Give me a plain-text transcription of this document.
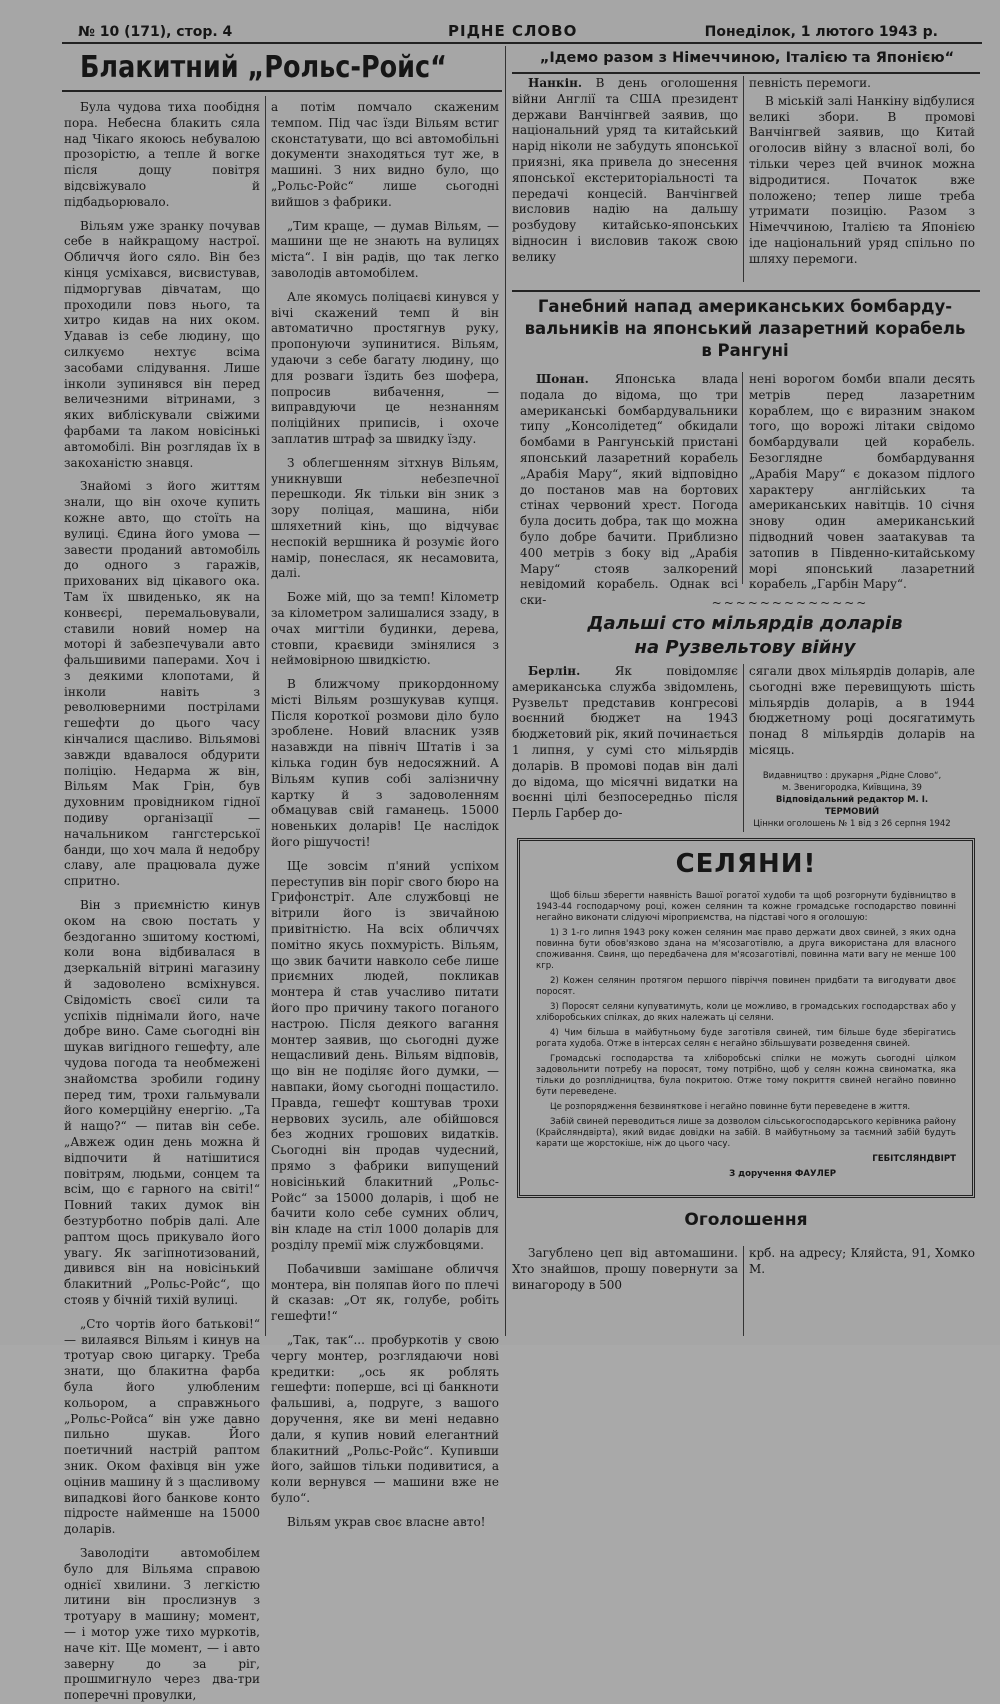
№ 10 (171), стор. 4	РІДНЕ СЛОВО	Понеділок, 1 лютого 1943 р.
Блакитний „Рольс-Ройс“

Була чудова тиха пообідня пора. Небесна блакить сяла над Чікаго якоюсь небувалою прозорістю, а тепле й вогке після дощу повітря відсвіжувало й підбадьорювало.

Вільям уже зранку почував себе в найкращому настрої. Обличчя його сяло. Він без кінця усміхався, висвистував, підморгував дівчатам, що проходили повз нього, та хитро кидав на них оком. Удавав із себе людину, що силкуємо нехтує всіма засобами слідування. Лише інколи зупинявся він перед величезними вітринами, з яких вибліскували свіжими фарбами та лаком новісінькі автомобілі. Він розглядав їх в закоханістю знавця.

Знайомі з його життям знали, що він охоче купить кожне авто, що стоїть на вулиці. Єдина його умова — завести проданий автомобіль до одного з гаражів, прихованих від цікавого ока. Там їх швиденько, як на конвеєрі, перемальовували, ставили новий номер на моторі й забезпечували авто фальшивими паперами. Хоч і з деякими клопотами, й інколи навіть з революверними пострілами гешефти до цього часу кінчалися щасливо. Вільямові завжди вдавалося обдурити поліцію. Недарма ж він, Вільям Мак Грін, був духовним провідником гідної подиву організації — начальником гангстерської банди, що хоч мала й недобру славу, але працювала дуже спритно.

Він з приємністю кинув оком на свою постать у бездоганно зшитому костюмі, коли вона відбивалася в дзеркальній вітрині магазину й задоволено всміхнувся. Свідомість своєї сили та успіхів піднімали його, наче добре вино. Саме сьогодні він шукав вигідного гешефту, але чудова погода та необмежені знайомства зробили годину перед тим, трохи гальмували його комерційну енергію. „Та й нащо?“ — питав він себе. „Авжеж один день можна й відпочити й натішитися повітрям, людьми, сонцем та всім, що є гарного на світі!“ Повний таких думок він безтурботно побрів далі. Але раптом щось прикувало його увагу. Як загіпнотизований, дивився він на новісінький блакитний „Рольс-Ройс“, що стояв у бічній тихій вулиці.

„Сто чортів його батькові!“ — вилаявся Вільям і кинув на тротуар свою цигарку. Треба знати, що блакитна фарба була його улюбленим кольором, а справжнього „Рольс-Ройса“ він уже давно пильно шукав. Його поетичний настрій раптом зник. Оком фахівця він уже оцінив машину й з щасливому випадкові його банкове конто підросте найменше на 15000 доларів.

Заволодіти автомобілем було для Вільяма справою однієї хвилини. З легкістю литини він прослизнув з тротуару в машину; момент, — і мотор уже тихо муркотів, наче кіт. Ще момент, — і авто заверну до за ріг, прошмигнуло через два-три поперечні провулки,

а потім помчало скаженим темпом. Під час їзди Вільям встиг сконстатувати, що всі автомобільні документи знаходяться тут же, в машині. З них видно було, що „Рольс-Ройс“ лише сьогодні вийшов з фабрики.

„Тим краще, — думав Вільям, — машини ще не знають на вулицях міста“. І він радів, що так легко заволодів автомобілем.

Але якомусь поліцаєві кинувся у вічі скажений темп й він автоматично простягнув руку, пропонуючи зупинитися. Вільям, удаючи з себе багату людину, що для розваги їздить без шофера, попросив вибачення, — виправдуючи це незнанням поліційних приписів, і охоче заплатив штраф за швидку їзду.

З облегшенням зітхнув Вільям, уникнувши небезпечної перешкоди. Як тільки він зник з зору поліцая, машина, ніби шляхетний кінь, що відчуває неспокій вершника й розуміє його намір, понеслася, як несамовита, далі.

Боже мій, що за темп! Кілометр за кілометром залишалися ззаду, в очах мигтіли будинки, дерева, стовпи, краєвиди змінялися з неймовірною швидкістю.

В ближчому прикордонному місті Вільям розшукував купця. Після короткої розмови діло було зроблене. Новий власник узяв назавжди на північ Штатів і за кілька годин був недосяжний. А Вільям купив собі залізничну картку й з задоволенням обмацував свій гаманець. 15000 новеньких доларів! Це наслідок його рішучості!

Ще зовсім п'яний успіхом переступив він поріг свого бюро на Грифонстріт. Але службовці не вітрили його із звичайною привітністю. На всіх обличчях помітно якусь похмурість. Вільям, що звик бачити навколо себе лише приємних людей, покликав монтера й став учасливо питати його про причину такого поганого настрою. Після деякого вагання монтер заявив, що сьогодні дуже нещасливий день. Вільям відповів, що він не поділяє його думки, — навпаки, йому сьогодні пощастило. Правда, гешефт коштував трохи нервових зусиль, але обійшовся без жодних грошових видатків. Сьогодні він продав чудесний, прямо з фабрики випущений новісінький блакитний „Рольс-Ройс“ за 15000 доларів, і щоб не бачити коло себе сумних облич, він кладе на стіл 1000 доларів для розділу премії між службовцями.

Побачивши замішане обличчя монтера, він поляпав його по плечі й сказав: „От як, голубе, робіть гешефти!“

„Так, так“... пробуркотів у свою чергу монтер, розглядаючи нові кредитки: „ось як роблять гешефти: поперше, всі ці банкноти фальшиві, а, подруге, з вашого доручення, яке ви мені недавно дали, я купив новий елегантний блакитний „Рольс-Ройс“. Купивши його, зайшов тільки подивитися, а коли вернувся — машини вже не було“.

Вільям украв своє власне авто!

„Ідемо разом з Німеччиною, Італією та Японією“

Нанкін. В день оголошення війни Англії та США президент держави Ванчінгвей заявив, що національний уряд та китайський нарід ніколи не забудуть японської приязні, яка привела до знесення японської екстериторіальності та передачі концесій. Ванчінгвей висловив надію на дальшу розбудову китайсько-японських відносин і висловив також свою велику

певність перемоги.

В міській залі Нанкіну відбулися великі збори. В промові Ванчінгвей заявив, що Китай оголосив війну з власної волі, бо тільки через цей вчинок можна відродитися. Початок вже положено; тепер лише треба утримати позицію. Разом з Німеччиною, Італією та Японією іде національний уряд спільно по шляху перемоги.

Ганебний напад американських бомбарду-
вальників на японський лазаретний корабель
в Рангуні

Шонан. Японська влада подала до відома, що три американські бомбардувальники типу „Консолідетед“ обкидали бомбами в Рангунській пристані японський лазаретний корабель „Арабія Мару“, який відповідно до постанов мав на бортових стінах червоний хрест. Погода була досить добра, так що можна було добре бачити. Приблизно 400 метрів з боку від „Арабія Мару“ стояв залкорений невідомий корабель. Однак всі ски-

нені ворогом бомби впали десять метрів перед лазаретним кораблем, що є виразним знаком того, що ворожі літаки свідомо бомбардували цей корабель. Безоглядне бомбардування „Арабія Мару“ є доказом підлого характеру англійських та американських навітців. 10 січня знову один американський підводний човен заатакував та затопив в Південно-китайському морі японський лазаретний корабель „Гарбін Мару“.

~~~~~~~~~~~~~
Дальші сто мільярдів доларів
на Рузвельтову війну

Берлін.	Як повідомляє американська служба звідомлень, Рузвельт представив конгресові воєнний бюджет на 1943 бюджетовий рік, який починається 1 липня, у сумі сто мільярдів доларів. В промові подав він далі до відома, що місячні видатки на воєнні цілі безпосередньо після Перль Гарбер до-

сягали двох мільярдів доларів, але сьогодні вже перевищують шість мільярдів доларів, а в 1944 бюджетному році досягатимуть понад 8 мільярдів доларів на місяць.

Видавництво : друкарня „Рідне Слово“,
м. Звенигородка, Київщина, 39
Відповідальний редактор М. І. ТЕРМОВИЙ
Ціннки оголошень № 1 від з 26 серпня 1942
СЕЛЯНИ!

Щоб більш зберегти наявність Вашої рогатої худоби та щоб розгорнути будівництво в 1943-44 господарчому році, кожен селянин та кожне громадське господарство повинні негайно виконати слідуючі мірoприємства, на підставі чого я оголошую:

1) З 1-го липня 1943 року кожен селянин має право держати двох свиней, з яких одна повинна бути обов'язково здана на м'ясозаготівлю, а друга використана для власного споживання. Свиня, що передбачена для м'ясозаготівлі, повинна мати вагу не менше 100 кгр.

2) Кожен селянин протягом першого півріччя повинен придбати та вигодувати двоє поросят.

3) Поросят селяни купуватимуть, коли це можливо, в громадських господарствах або у хліборобських спілках, до яких належать ці селяни.

4) Чим більша в майбутньому буде заготівля свиней, тим більше буде зберігатись рогата худоба. Отже в інтерсах селян є негайно збільшувати розведення свиней.

Громадські господарства та хліборобські спілки не можуть сьогодні цілком задовольнити потребу на поросят, тому потрібно, щоб у селян кожна свиноматка, яка тільки до розплідництва, була покритою. Отже тому покриття свиней негайно повинно бути переведене.

Це розпорядження безвиняткове і негайно повинне бути переведене в життя.

Забій свиней переводиться лише за дозволом сільськогосподарського керівника району (Крайсляндвірта), який видає довідки на забій. В майбутньому за таємний забій будуть карати ще жорстокіше, ніж до цього часу.

ГЕБІТСЛЯНДВІРТ

З доручення ФАУЛЕР

Оголошення

Загублено цеп від автомашини. Хто знайшов, прошу повернути за винагороду в 500

крб. на адресу; Кляйста, 91, Хомко М.
